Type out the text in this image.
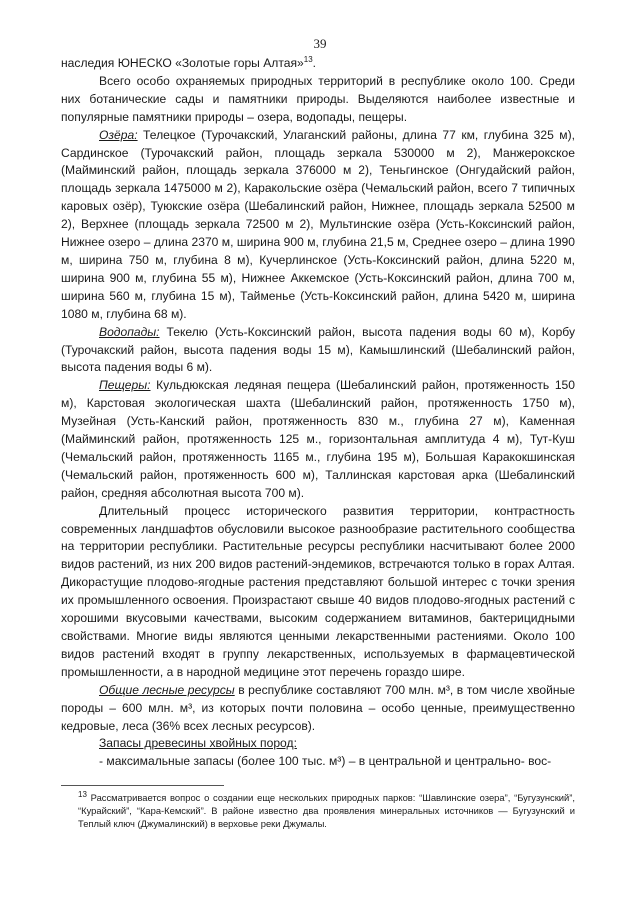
39

наследия ЮНЕСКО «Золотые горы Алтая»$^{13}$.

Всего особо охраняемых природных территорий в республике около 100. Среди них ботанические сады и памятники природы. Выделяются наиболее известные и популярные памятники природы – озера, водопады, пещеры.

Озёра: Телецкое (Турочакский, Улаганский районы, длина 77 км, глубина 325 м), Сардинское (Турочакский район, площадь зеркала 530000 м 2), Манжерокское (Майминский район, площадь зеркала 376000 м 2), Теньгинское (Онгудайский район, площадь зеркала 1475000 м 2), Каракольские озёра (Чемальский район, всего 7 типичных каровых озёр), Туюкские озёра (Шебалинский район, Нижнее, площадь зеркала 52500 м 2), Верхнее (площадь зеркала 72500 м 2), Мультинские озёра (Усть-Коксинский район, Нижнее озеро – длина 2370 м, ширина 900 м, глубина 21,5 м, Среднее озеро – длина 1990 м, ширина 750 м, глубина 8 м), Кучерлинское (Усть-Коксинский район, длина 5220 м, ширина 900 м, глубина 55 м), Нижнее Аккемское (Усть-Коксинский район, длина 700 м, ширина 560 м, глубина 15 м), Тайменье (Усть-Коксинский район, длина 5420 м, ширина 1080 м, глубина 68 м).

Водопады: Текелю (Усть-Коксинский район, высота падения воды 60 м), Корбу (Турочакский район, высота падения воды 15 м), Камышлинский (Шебалинский район, высота падения воды 6 м).

Пещеры: Кульдюкская ледяная пещера (Шебалинский район, протяженность 150 м), Карстовая экологическая шахта (Шебалинский район, протяженность 1750 м), Музейная (Усть-Канский район, протяженность 830 м., глубина 27 м), Каменная (Майминский район, протяженность 125 м., горизонтальная амплитуда 4 м), Тут-Куш (Чемальский район, протяженность 1165 м., глубина 195 м), Большая Каракокшинская (Чемальский район, протяженность 600 м), Таллинская карстовая арка (Шебалинский район, средняя абсолютная высота 700 м).

Длительный процесс исторического развития территории, контрастность современных ландшафтов обусловили высокое разнообразие растительного сообщества на территории республики. Растительные ресурсы республики насчитывают более 2000 видов растений, из них 200 видов растений-эндемиков, встречаются только в горах Алтая. Дикорастущие плодово-ягодные растения представляют большой интерес с точки зрения их промышленного освоения. Произрастают свыше 40 видов плодово-ягодных растений с хорошими вкусовыми качествами, высоким содержанием витаминов, бактерицидными свойствами. Многие виды являются ценными лекарственными растениями. Около 100 видов растений входят в группу лекарственных, используемых в фармацевтической промышленности, а в народной медицине этот перечень гораздо шире.

Общие лесные ресурсы в республике составляют 700 млн. м³, в том числе хвойные породы – 600 млн. м³, из которых почти половина – особо ценные, преимущественно кедровые, леса (36% всех лесных ресурсов).

Запасы древесины хвойных пород:

- максимальные запасы (более 100 тыс. м³) – в центральной и центрально- вос-

$^{13}$ Рассматривается вопрос о создании еще нескольких природных парков: “Шавлинские озера”, “Бугузунский”, “Курайский”, “Кара-Кемский”. В районе известно два проявления минеральных источников — Бугузунский и Теплый ключ (Джумалинский) в верховье реки Джумалы.
